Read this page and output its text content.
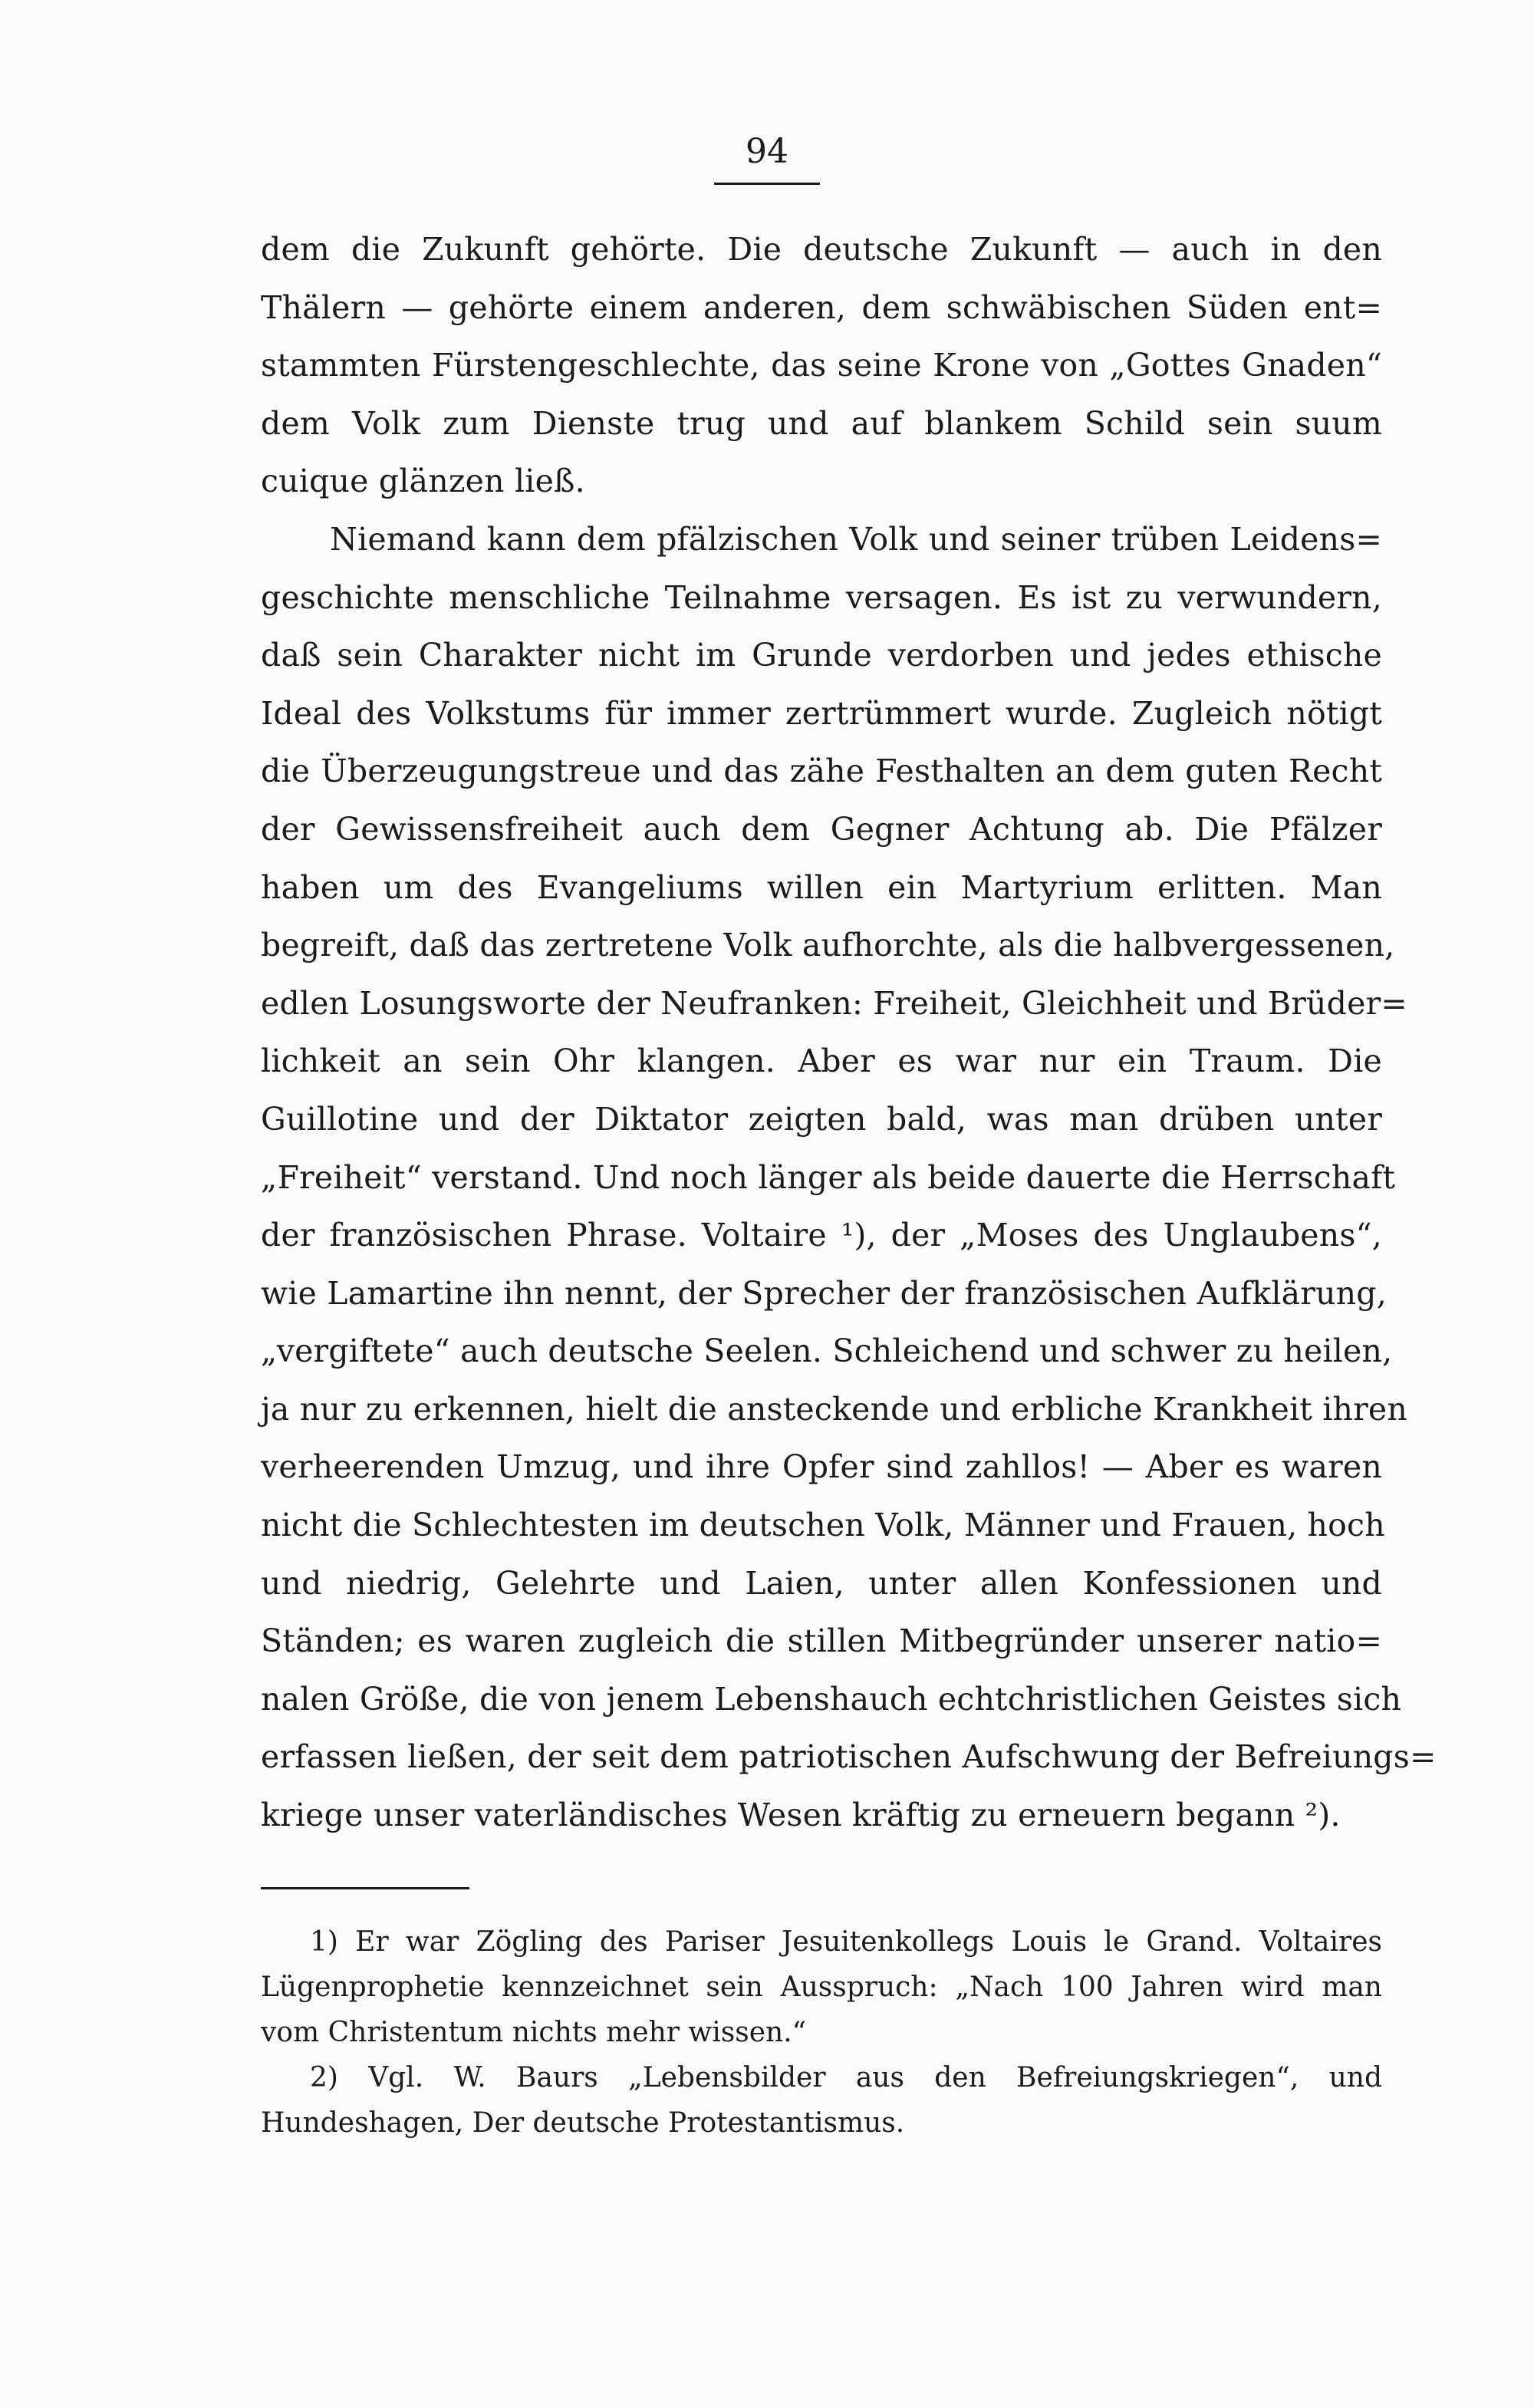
94
dem die Zukunft gehörte. Die deutsche Zukunft — auch in den
Thälern — gehörte einem anderen, dem schwäbischen Süden ent=
stammten Fürstengeschlechte, das seine Krone von „Gottes Gnaden“
dem Volk zum Dienste trug und auf blankem Schild sein suum
cuique glänzen ließ.
Niemand kann dem pfälzischen Volk und seiner trüben Leidens=
geschichte menschliche Teilnahme versagen. Es ist zu verwundern,
daß sein Charakter nicht im Grunde verdorben und jedes ethische
Ideal des Volkstums für immer zertrümmert wurde. Zugleich nötigt
die Überzeugungstreue und das zähe Festhalten an dem guten Recht
der Gewissensfreiheit auch dem Gegner Achtung ab. Die Pfälzer
haben um des Evangeliums willen ein Martyrium erlitten. Man
begreift, daß das zertretene Volk aufhorchte, als die halbvergessenen,
edlen Losungsworte der Neufranken: Freiheit, Gleichheit und Brüder=
lichkeit an sein Ohr klangen. Aber es war nur ein Traum. Die
Guillotine und der Diktator zeigten bald, was man drüben unter
„Freiheit“ verstand. Und noch länger als beide dauerte die Herrschaft
der französischen Phrase. Voltaire ¹), der „Moses des Unglaubens“,
wie Lamartine ihn nennt, der Sprecher der französischen Aufklärung,
„vergiftete“ auch deutsche Seelen. Schleichend und schwer zu heilen,
ja nur zu erkennen, hielt die ansteckende und erbliche Krankheit ihren
verheerenden Umzug, und ihre Opfer sind zahllos! — Aber es waren
nicht die Schlechtesten im deutschen Volk, Männer und Frauen, hoch
und niedrig, Gelehrte und Laien, unter allen Konfessionen und
Ständen; es waren zugleich die stillen Mitbegründer unserer natio=
nalen Größe, die von jenem Lebenshauch echtchristlichen Geistes sich
erfassen ließen, der seit dem patriotischen Aufschwung der Befreiungs=
kriege unser vaterländisches Wesen kräftig zu erneuern begann ²).
1) Er war Zögling des Pariser Jesuitenkollegs Louis le Grand. Voltaires
Lügenprophetie kennzeichnet sein Ausspruch: „Nach 100 Jahren wird man
vom Christentum nichts mehr wissen.“
2) Vgl. W. Baurs „Lebensbilder aus den Befreiungskriegen“, und
Hundeshagen, Der deutsche Protestantismus.
